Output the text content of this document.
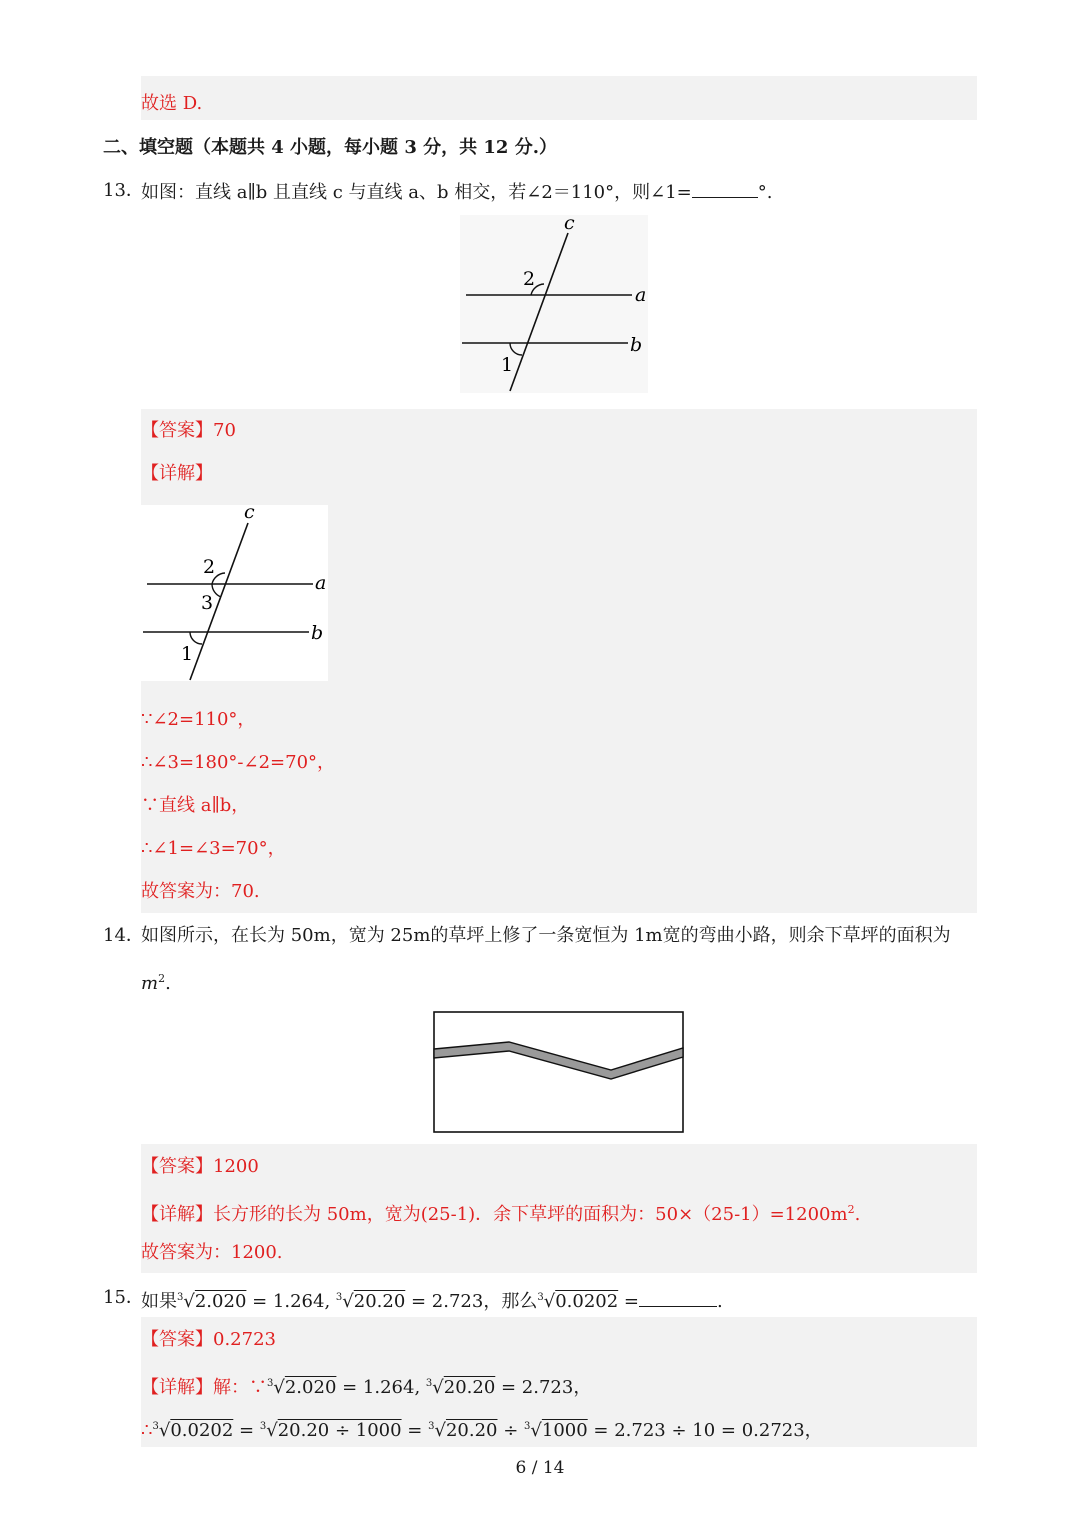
故选 D.
二、填空题（本题共 4 小题，每小题 3 分，共 12 分.）
13．
如图：直线 a∥b 且直线 c 与直线 a、b 相交，若∠2＝110°，则∠1=	°.
c
a
b
2
1
【答案】70
【详解】
c
a
b
2
3
1
∵∠2=110°，
∴∠3=180°-∠2=70°，
∵直线 a∥b，
∴∠1=∠3=70°，
故答案为：70.
14．
如图所示，在长为 50m，宽为 25m的草坪上修了一条宽恒为 1m宽的弯曲小路，则余下草坪的面积为
$m^2$.
【答案】1200
【详解】长方形的长为 50m，宽为(25-1)．余下草坪的面积为：$50\times(25-1)=1200m^2$.
故答案为：1200.
15．
如果$^3$√2.020 = 1.264, $^3$√20.20 = 2.723，那么$^3$√0.0202 =	.
【答案】0.2723
【详解】解：∵$^3$√2.020 = 1.264, $^3$√20.20 = 2.723，
∴$^3$√0.0202 = $^3$√20.20 ÷ 1000 = $^3$√20.20 ÷ $^3$√1000 = 2.723 ÷ 10 = 0.2723，
6 / 14
